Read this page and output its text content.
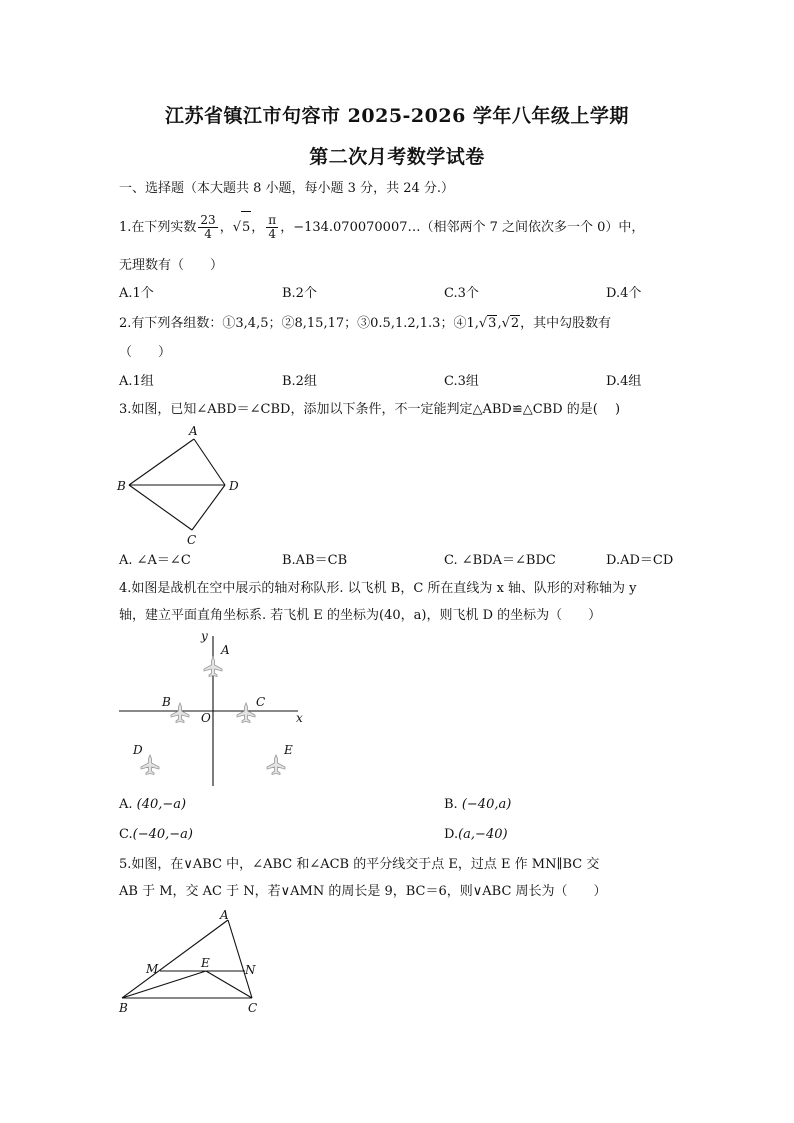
江苏省镇江市句容市 2025-2026 学年八年级上学期
第二次月考数学试卷
一、选择题（本大题共 8 小题，每小题 3 分，共 24 分.）
1.在下列实数 $\frac{23}{4}$ ，√5， $\frac{\pi}{4}$ ，−134.070070007…（相邻两个 7 之间依次多一个 0）中，
无理数有（　　）
A.1个	B.2个	C.3个	D.4个
2.有下列各组数：①3,4,5；②8,15,17；③0.5,1.2,1.3；④1,√3,√2，其中勾股数有
（　　）
A.1组	B.2组	C.3组	D.4组
3.如图，已知∠ABD＝∠CBD，添加以下条件，不一定能判定△ABD≌△CBD 的是(　 )
A
B	D
C
A. ∠A＝∠C	B.AB＝CB	C. ∠BDA＝∠BDC	D.AD＝CD
4.如图是战机在空中展示的轴对称队形. 以飞机 B，C 所在直线为 x 轴、队形的对称轴为 y
轴，建立平面直角坐标系. 若飞机 E 的坐标为(40，a)，则飞机 D 的坐标为（　　）
y
x
O
A
B	C
D	E
A. (40,−a)	B. (−40,a)
C.(−40,−a)	D.(a,−40)
5.如图，在∨ABC 中，∠ABC 和∠ACB 的平分线交于点 E，过点 E 作 MN∥BC 交
AB 于 M，交 AC 于 N，若∨AMN 的周长是 9，BC＝6，则∨ABC 周长为（　　）
A
M	E	N
B	C
